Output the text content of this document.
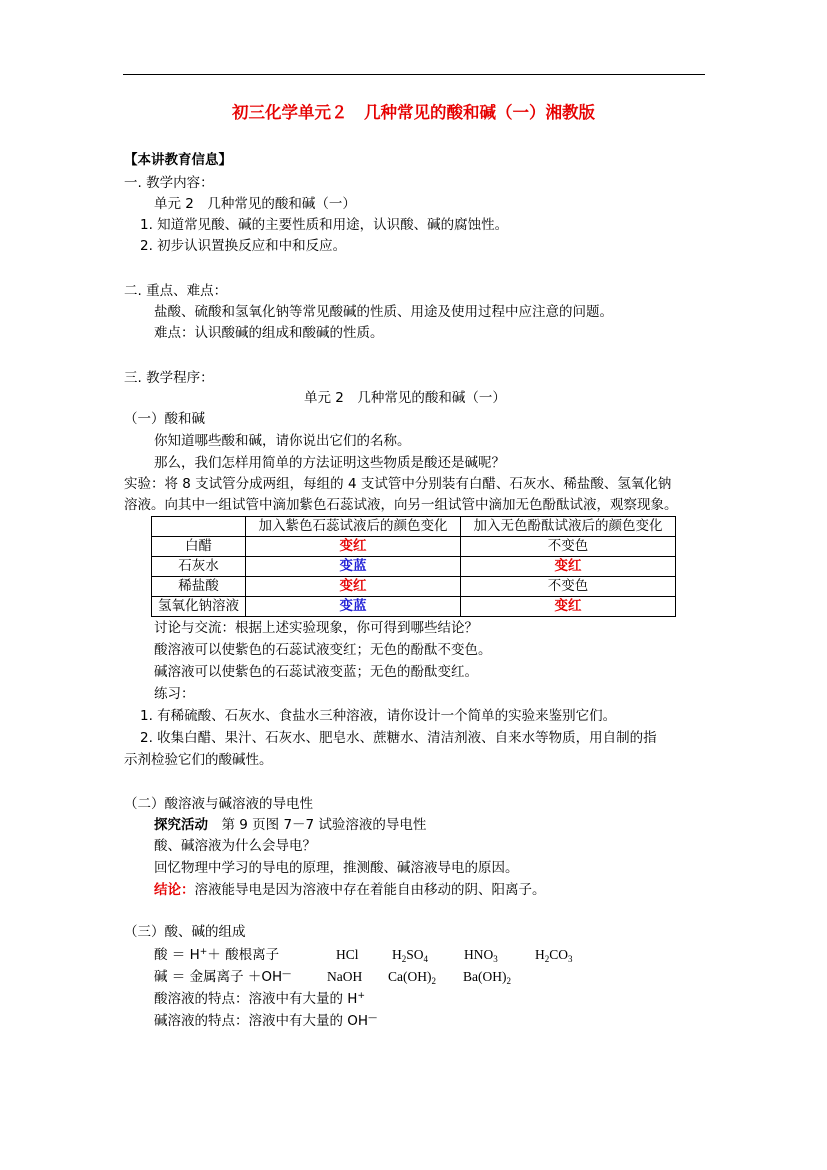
初三化学单元２　几种常见的酸和碱（一）湘教版
【本讲教育信息】
一. 教学内容：
单元 2　几种常见的酸和碱（一）
1. 知道常见酸、碱的主要性质和用途，认识酸、碱的腐蚀性。
2. 初步认识置换反应和中和反应。
二. 重点、难点：
盐酸、硫酸和氢氧化钠等常见酸碱的性质、用途及使用过程中应注意的问题。
难点：认识酸碱的组成和酸碱的性质。
三. 教学程序：
单元 2　几种常见的酸和碱（一）
（一）酸和碱
你知道哪些酸和碱，请你说出它们的名称。
那么，我们怎样用简单的方法证明这些物质是酸还是碱呢？
实验：将 8 支试管分成两组，每组的 4 支试管中分别装有白醋、石灰水、稀盐酸、氢氧化钠
溶液。向其中一组试管中滴加紫色石蕊试液，向另一组试管中滴加无色酚酞试液，观察现象。
	加入紫色石蕊试液后的颜色变化	加入无色酚酞试液后的颜色变化
白醋	变红	不变色
石灰水	变蓝	变红
稀盐酸	变红	不变色
氢氧化钠溶液	变蓝	变红
讨论与交流：根据上述实验现象，你可得到哪些结论？
酸溶液可以使紫色的石蕊试液变红；无色的酚酞不变色。
碱溶液可以使紫色的石蕊试液变蓝；无色的酚酞变红。
练习：
1. 有稀硫酸、石灰水、食盐水三种溶液，请你设计一个简单的实验来鉴别它们。
2. 收集白醋、果汁、石灰水、肥皂水、蔗糖水、清洁剂液、自来水等物质，用自制的指
示剂检验它们的酸碱性。
（二）酸溶液与碱溶液的导电性
探究活动　第 9 页图 7－7 试验溶液的导电性
酸、碱溶液为什么会导电？
回忆物理中学习的导电的原理，推测酸、碱溶液导电的原因。
结论：溶液能导电是因为溶液中存在着能自由移动的阴、阳离子。
（三）酸、碱的组成
酸 ＝ H+＋ 酸根离子	HCl $H_2SO_4$	$HNO_3$	$H_2CO_3$
碱 ＝ 金属离子 ＋OH—	NaOH $Ca(OH)_2$ $Ba(OH)_2$
酸溶液的特点：溶液中有大量的 H+
碱溶液的特点：溶液中有大量的 OH—
